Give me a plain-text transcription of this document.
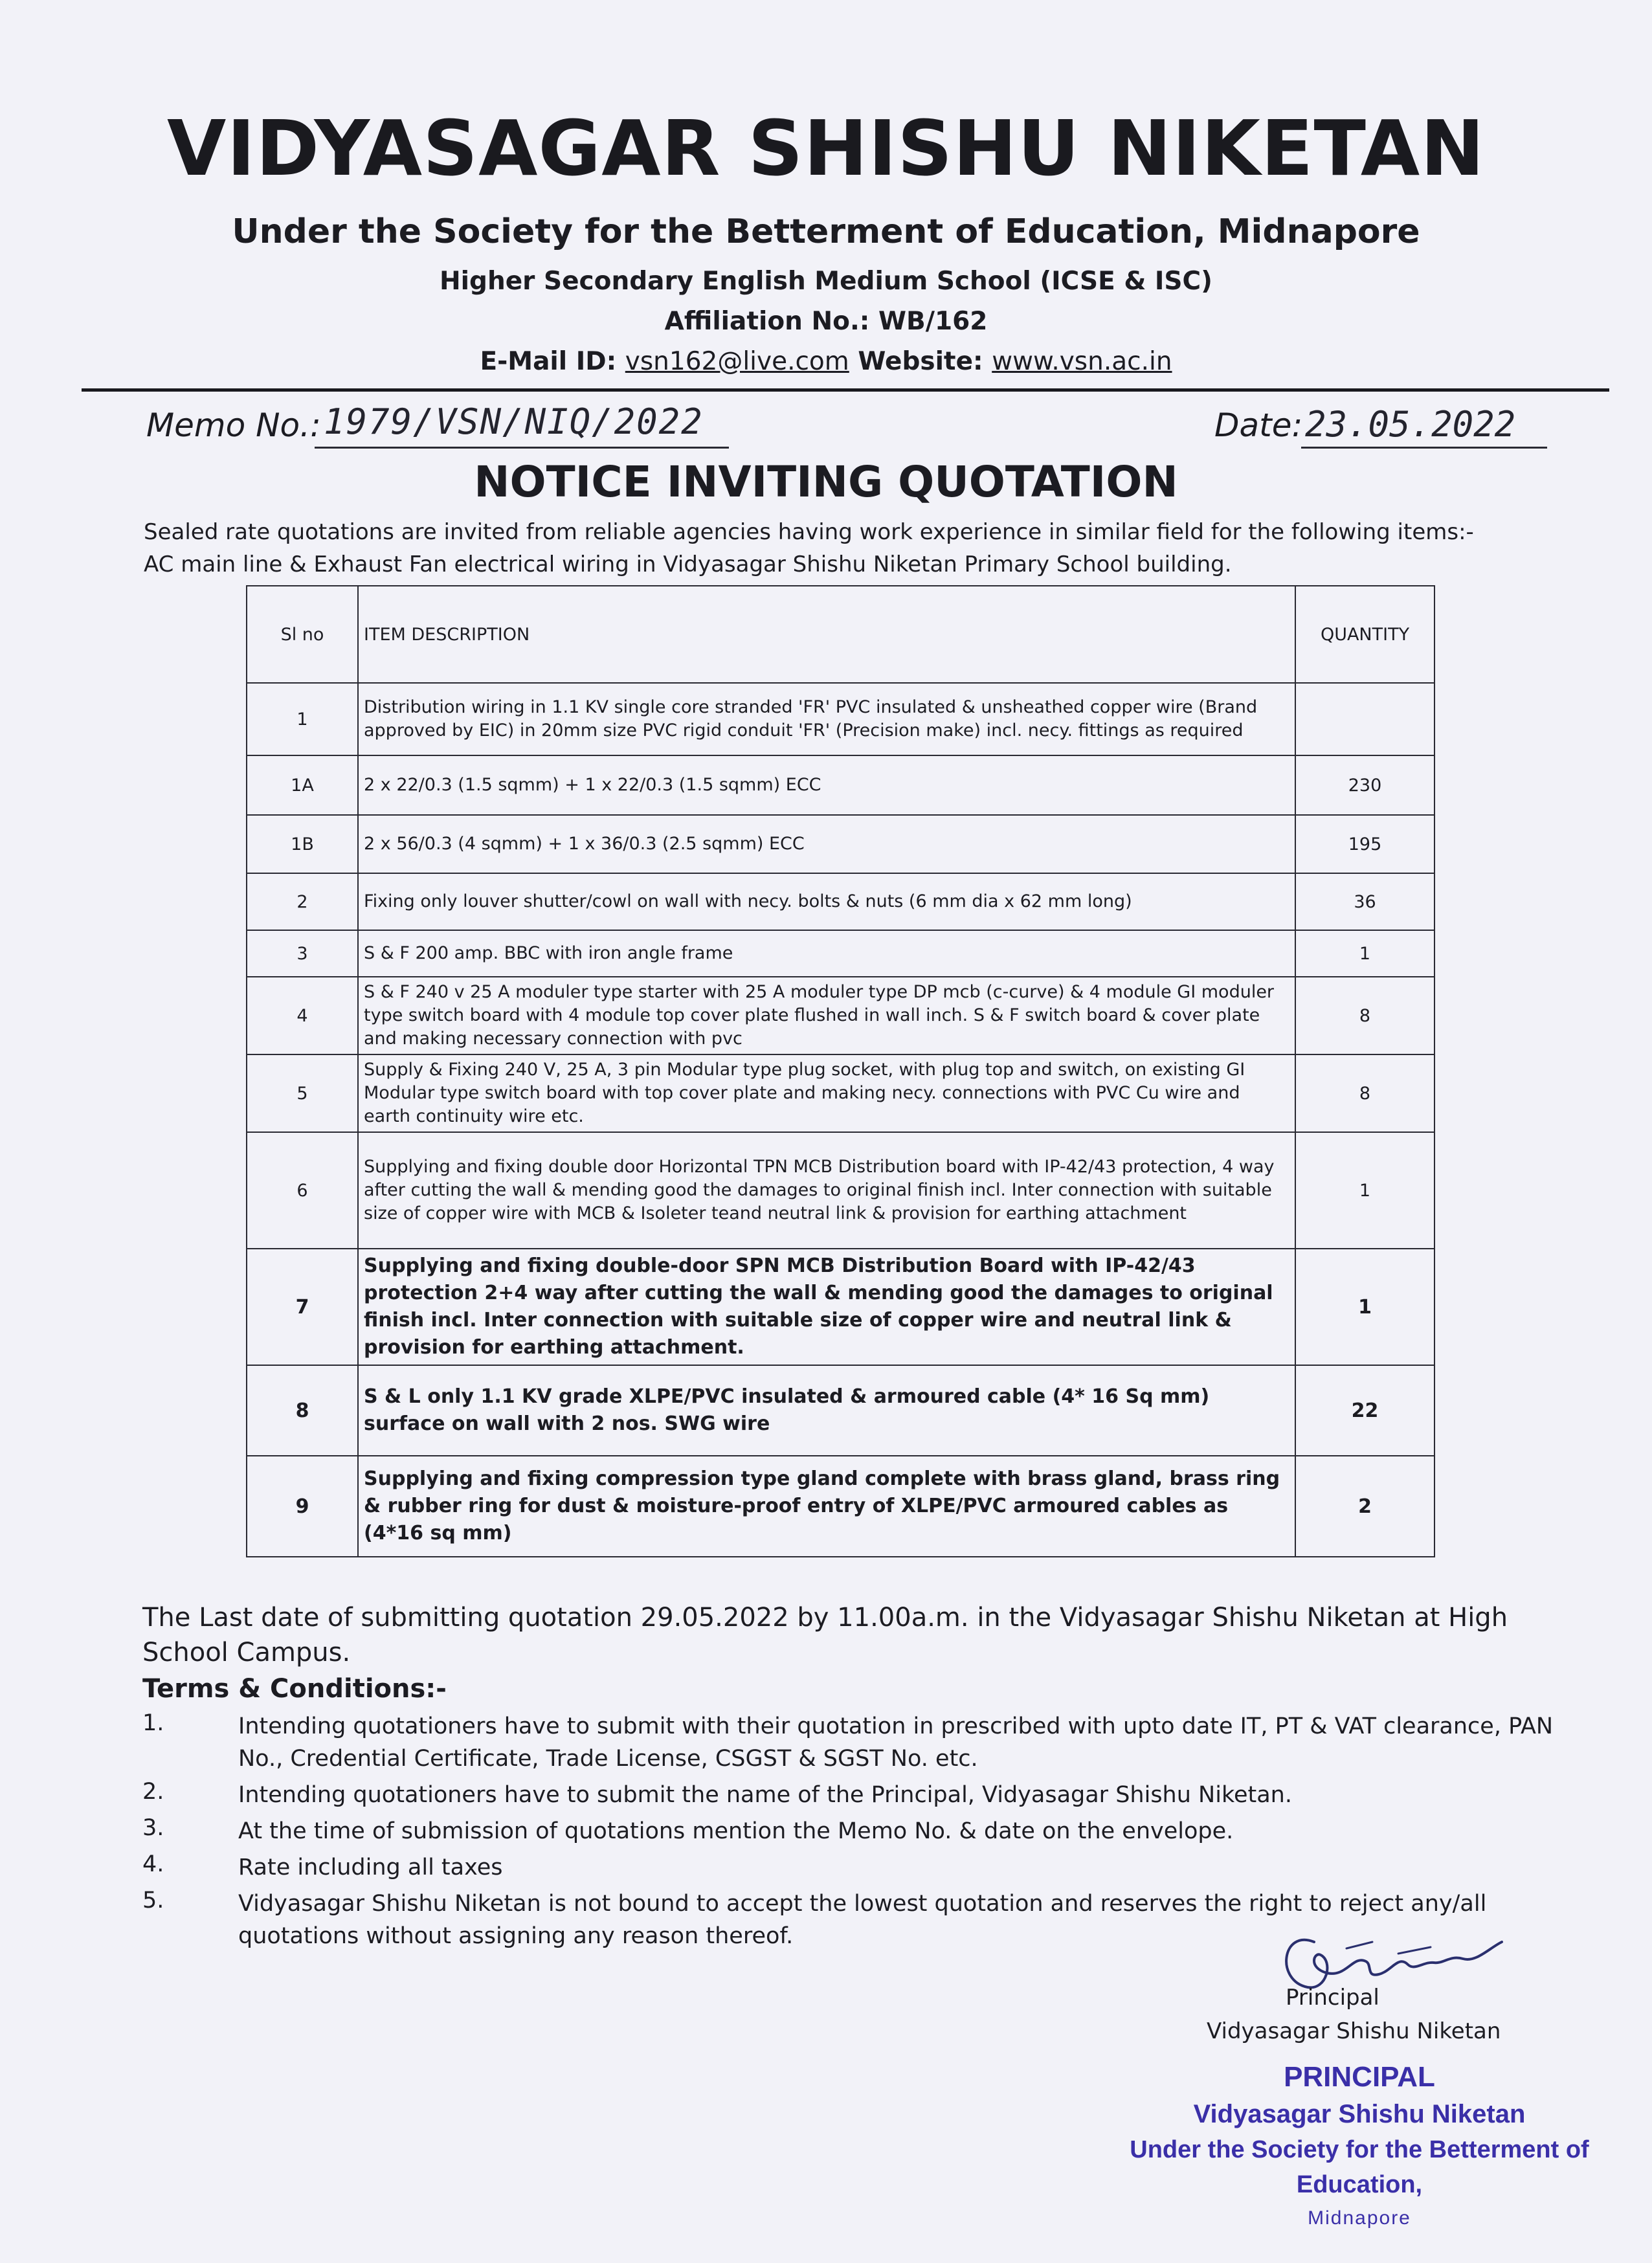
VIDYASAGAR SHISHU NIKETAN
Under the Society for the Betterment of Education, Midnapore
Higher Secondary English Medium School (ICSE & ISC)
Affiliation No.: WB/162
E-Mail ID: vsn162@live.com Website: www.vsn.ac.in
Memo No.: 1979/VSN/NIQ/2022	Date: 23.05.2022
NOTICE INVITING QUOTATION
Sealed rate quotations are invited from reliable agencies having work experience in similar field for the following items:-
AC main line & Exhaust Fan electrical wiring in Vidyasagar Shishu Niketan Primary School building.
Sl no	ITEM DESCRIPTION	QUANTITY
1	Distribution wiring in 1.1 KV single core stranded 'FR' PVC insulated & unsheathed copper wire (Brand approved by EIC) in 20mm size PVC rigid conduit 'FR' (Precision make) incl. necy. fittings as required	
1A	2 x 22/0.3 (1.5 sqmm) + 1 x 22/0.3 (1.5 sqmm) ECC	230
1B	2 x 56/0.3 (4 sqmm) + 1 x 36/0.3 (2.5 sqmm) ECC	195
2	Fixing only louver shutter/cowl on wall with necy. bolts & nuts (6 mm dia x 62 mm long)	36
3	S & F 200 amp. BBC with iron angle frame	1
4	S & F 240 v 25 A moduler type starter with 25 A moduler type DP mcb (c-curve) & 4 module GI moduler type switch board with 4 module top cover plate flushed in wall inch. S & F switch board & cover plate and making necessary connection with pvc	8
5	Supply & Fixing 240 V, 25 A, 3 pin Modular type plug socket, with plug top and switch, on existing GI Modular type switch board with top cover plate and making necy. connections with PVC Cu wire and earth continuity wire etc.	8
6	Supplying and fixing double door Horizontal TPN MCB Distribution board with IP-42/43 protection, 4 way after cutting the wall & mending good the damages to original finish incl. Inter connection with suitable size of copper wire with MCB & Isoleter teand neutral link & provision for earthing attachment	1
7	Supplying and fixing double-door SPN MCB Distribution Board with IP-42/43 protection 2+4 way after cutting the wall & mending good the damages to original finish incl. Inter connection with suitable size of copper wire and neutral link & provision for earthing attachment.	1
8	S & L only 1.1 KV grade XLPE/PVC insulated & armoured cable (4* 16 Sq mm) surface on wall with 2 nos. SWG wire	22
9	Supplying and fixing compression type gland complete with brass gland, brass ring & rubber ring for dust & moisture-proof entry of XLPE/PVC armoured cables as (4*16 sq mm)	2
The Last date of submitting quotation 29.05.2022 by 11.00a.m. in the Vidyasagar Shishu Niketan at High School Campus.
Terms & Conditions:-
1.	Intending quotationers have to submit with their quotation in prescribed with upto date IT, PT & VAT clearance, PAN No., Credential Certificate, Trade License, CSGST & SGST No. etc.
2.	Intending quotationers have to submit the name of the Principal, Vidyasagar Shishu Niketan.
3.	At the time of submission of quotations mention the Memo No. & date on the envelope.
4.	Rate including all taxes
5.	Vidyasagar Shishu Niketan is not bound to accept the lowest quotation and reserves the right to reject any/all quotations without assigning any reason thereof.
Principal
Vidyasagar Shishu Niketan
PRINCIPAL
Vidyasagar Shishu Niketan
Under the Society for the Betterment of Education,
Midnapore
